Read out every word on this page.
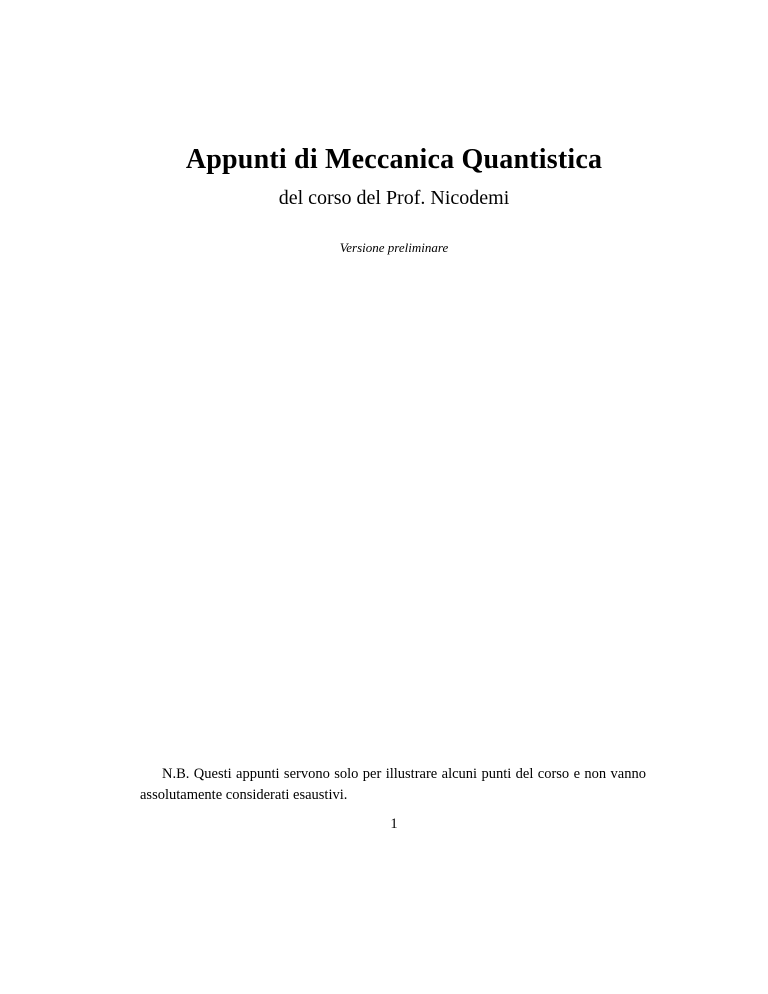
Appunti di Meccanica Quantistica

del corso del Prof. Nicodemi

Versione preliminare

N.B. Questi appunti servono solo per illustrare alcuni punti del corso e non vanno assolutamente considerati esaustivi.

1
